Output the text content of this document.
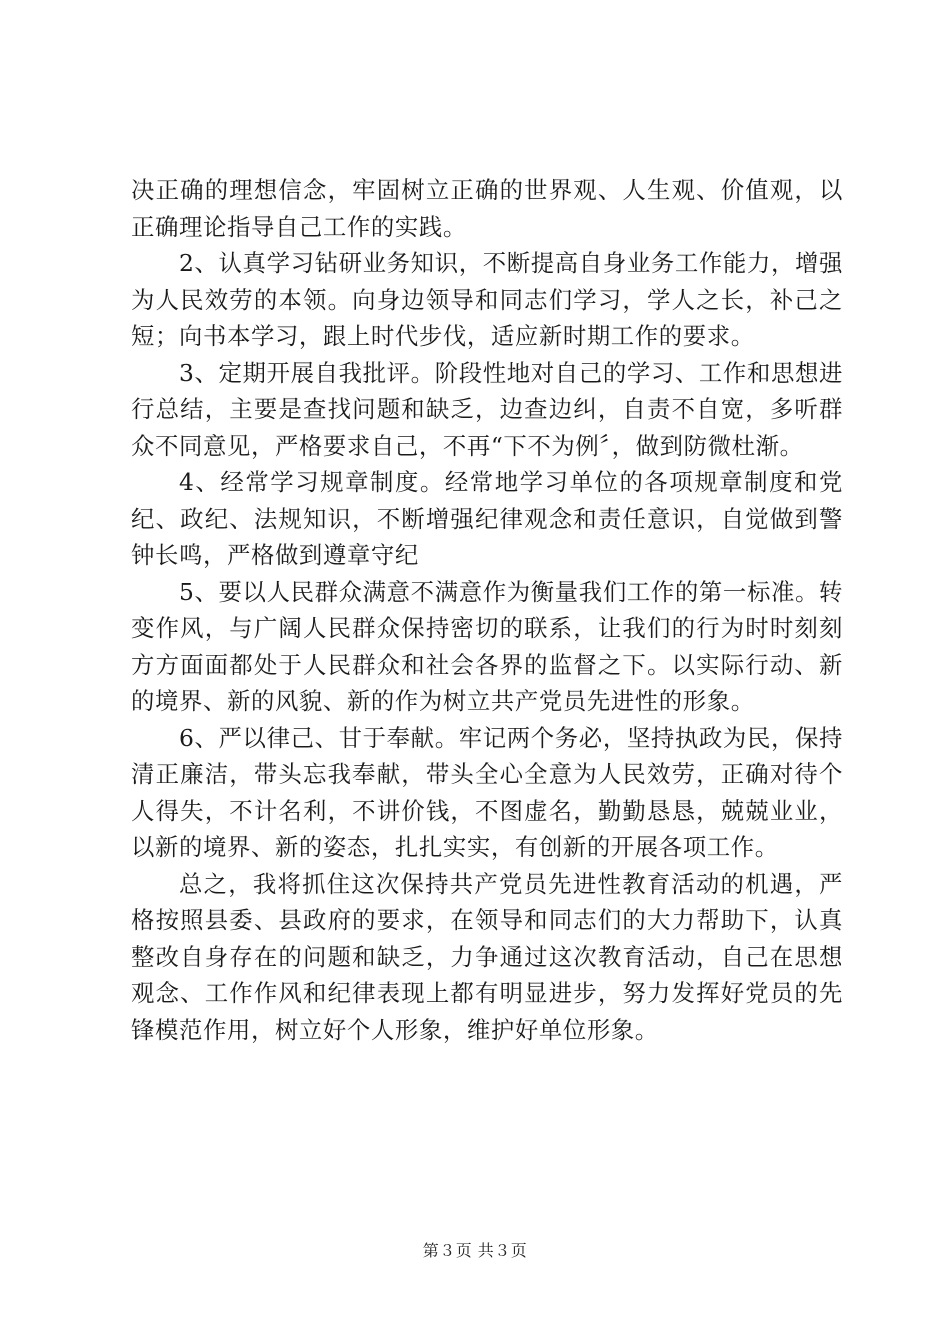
决正确的理想信念，牢固树立正确的世界观、人生观、价值观，以正确理论指导自己工作的实践。

2、认真学习钻研业务知识，不断提高自身业务工作能力，增强为人民效劳的本领。向身边领导和同志们学习，学人之长，补己之短；向书本学习，跟上时代步伐，适应新时期工作的要求。

3、定期开展自我批评。阶段性地对自己的学习、工作和思想进行总结，主要是查找问题和缺乏，边查边纠，自责不自宽，多听群众不同意见，严格要求自己，不再“下不为例〞，做到防微杜渐。

4、经常学习规章制度。经常地学习单位的各项规章制度和党纪、政纪、法规知识，不断增强纪律观念和责任意识，自觉做到警钟长鸣，严格做到遵章守纪

5、要以人民群众满意不满意作为衡量我们工作的第一标准。转变作风，与广阔人民群众保持密切的联系，让我们的行为时时刻刻方方面面都处于人民群众和社会各界的监督之下。以实际行动、新的境界、新的风貌、新的作为树立共产党员先进性的形象。

6、严以律己、甘于奉献。牢记两个务必，坚持执政为民，保持清正廉洁，带头忘我奉献，带头全心全意为人民效劳，正确对待个人得失，不计名利，不讲价钱，不图虚名，勤勤恳恳，兢兢业业，以新的境界、新的姿态，扎扎实实，有创新的开展各项工作。

总之，我将抓住这次保持共产党员先进性教育活动的机遇，严格按照县委、县政府的要求，在领导和同志们的大力帮助下，认真整改自身存在的问题和缺乏，力争通过这次教育活动，自己在思想观念、工作作风和纪律表现上都有明显进步，努力发挥好党员的先锋模范作用，树立好个人形象，维护好单位形象。

第３页 共３页
